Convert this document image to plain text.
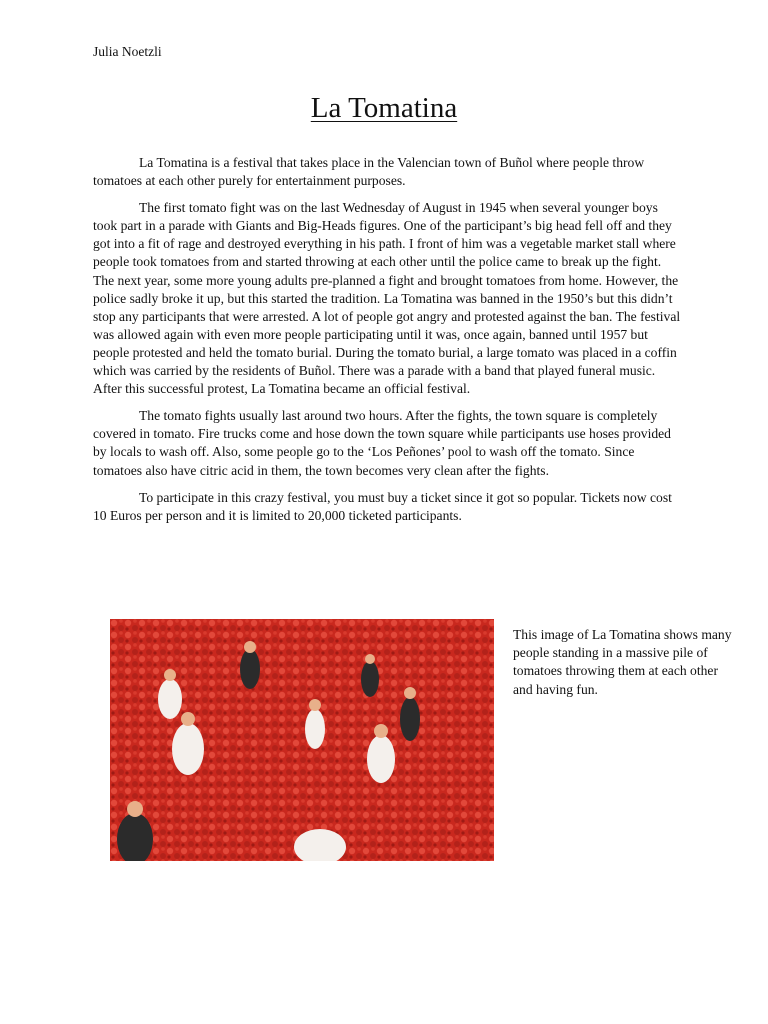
Julia Noetzli
La Tomatina

La Tomatina is a festival that takes place in the Valencian town of Buñol where people throw tomatoes at each other purely for entertainment purposes.

The first tomato fight was on the last Wednesday of August in 1945 when several younger boys took part in a parade with Giants and Big-Heads figures. One of the participant’s big head fell off and they got into a fit of rage and destroyed everything in his path. I front of him was a vegetable market stall where people took tomatoes from and started throwing at each other until the police came to break up the fight. The next year, some more young adults pre-planned a fight and brought tomatoes from home. However, the police sadly broke it up, but this started the tradition. La Tomatina was banned in the 1950’s but this didn’t stop any participants that were arrested. A lot of people got angry and protested against the ban. The festival was allowed again with even more people participating until it was, once again, banned until 1957 but people protested and held the tomato burial. During the tomato burial, a large tomato was placed in a coffin which was carried by the residents of Buñol. There was a parade with a band that played funeral music. After this successful protest, La Tomatina became an official festival.

The tomato fights usually last around two hours. After the fights, the town square is completely covered in tomato. Fire trucks come and hose down the town square while participants use hoses provided by locals to wash off. Also, some people go to the ‘Los Peñones’ pool to wash off the tomato. Since tomatoes also have citric acid in them, the town becomes very clean after the fights.

To participate in this crazy festival, you must buy a ticket since it got so popular. Tickets now cost 10 Euros per person and it is limited to 20,000 ticketed participants.

This image of La Tomatina shows many people standing in a massive pile of tomatoes throwing them at each other and having fun.
